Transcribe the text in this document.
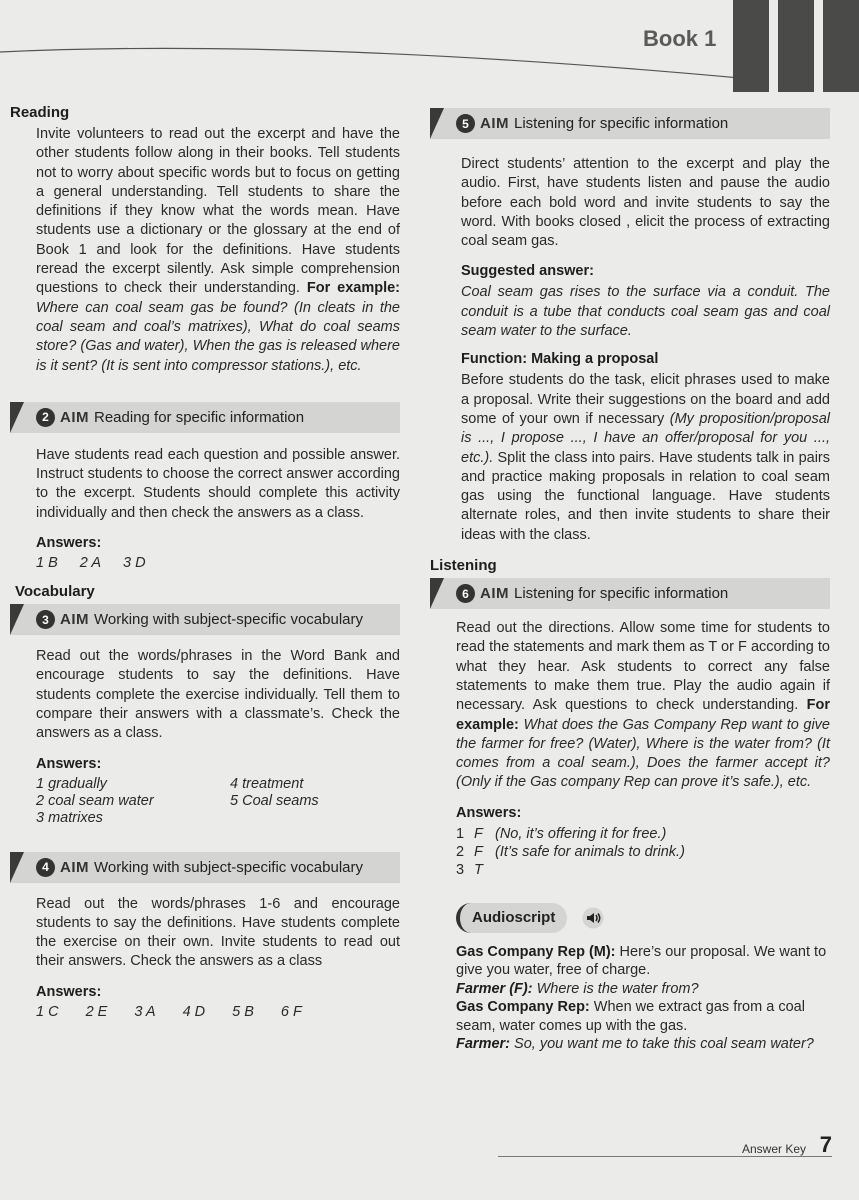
Book 1
Reading

Invite volunteers to read out the excerpt and have the other students follow along in their books. Tell students not to worry about specific words but to focus on getting a general understanding. Tell students to share the definitions if they know what the words mean. Have students use a dictionary or the glossary at the end of Book 1 and look for the definitions. Have students reread the excerpt silently. Ask simple comprehension questions to check their understanding. For example: Where can coal seam gas be found? (In cleats in the coal seam and coal’s matrixes), What do coal seams store? (Gas and water), When the gas is released where is it sent? (It is sent into compressor stations.), etc.

2 AIM Reading for specific information

Have students read each question and possible answer. Instruct students to choose the correct answer according to the excerpt. Students should complete this activity individually and then check the answers as a class.

Answers:
1 B 2 A 3 D
Vocabulary
3 AIM Working with subject-specific vocabulary

Read out the words/phrases in the Word Bank and encourage students to say the definitions. Have students complete the exercise individually. Tell them to compare their answers with a classmate’s. Check the answers as a class.

Answers:
1 gradually	4 treatment
2 coal seam water	5 Coal seams
3 matrixes
4 AIM Working with subject-specific vocabulary

Read out the words/phrases 1-6 and encourage students to say the definitions. Have students complete the exercise on their own. Invite students to read out their answers. Check the answers as a class

Answers:
1 C 2 E 3 A 4 D 5 B 6 F
5 AIM Listening for specific information

Direct students’ attention to the excerpt and play the audio. First, have students listen and pause the audio before each bold word and invite students to say the word. With books closed , elicit the process of extracting coal seam gas.

Suggested answer:

Coal seam gas rises to the surface via a conduit. The conduit is a tube that conducts coal seam gas and coal seam water to the surface.

Function: Making a proposal

Before students do the task, elicit phrases used to make a proposal. Write their suggestions on the board and add some of your own if necessary (My proposition/proposal is ..., I propose ..., I have an offer/proposal for you ..., etc.). Split the class into pairs. Have students talk in pairs and practice making proposals in relation to coal seam gas using the functional language. Have students alternate roles, and then invite students to share their ideas with the class.

Listening
6 AIM Listening for specific information

Read out the directions. Allow some time for students to read the statements and mark them as T or F according to what they hear. Ask students to correct any false statements to make them true. Play the audio again if necessary. Ask questions to check understanding. For example: What does the Gas Company Rep want to give the farmer for free? (Water), Where is the water from? (It comes from a coal seam.), Does the farmer accept it? (Only if the Gas company Rep can prove it’s safe.), etc.

Answers:
1 F (No, it’s offering it for free.)
2 F (It’s safe for animals to drink.)
3 T
Audioscript

Gas Company Rep (M): Here’s our proposal. We want to give you water, free of charge.

Farmer (F): Where is the water from?

Gas Company Rep: When we extract gas from a coal seam, water comes up with the gas.

Farmer: So, you want me to take this coal seam water?

Answer Key 7
